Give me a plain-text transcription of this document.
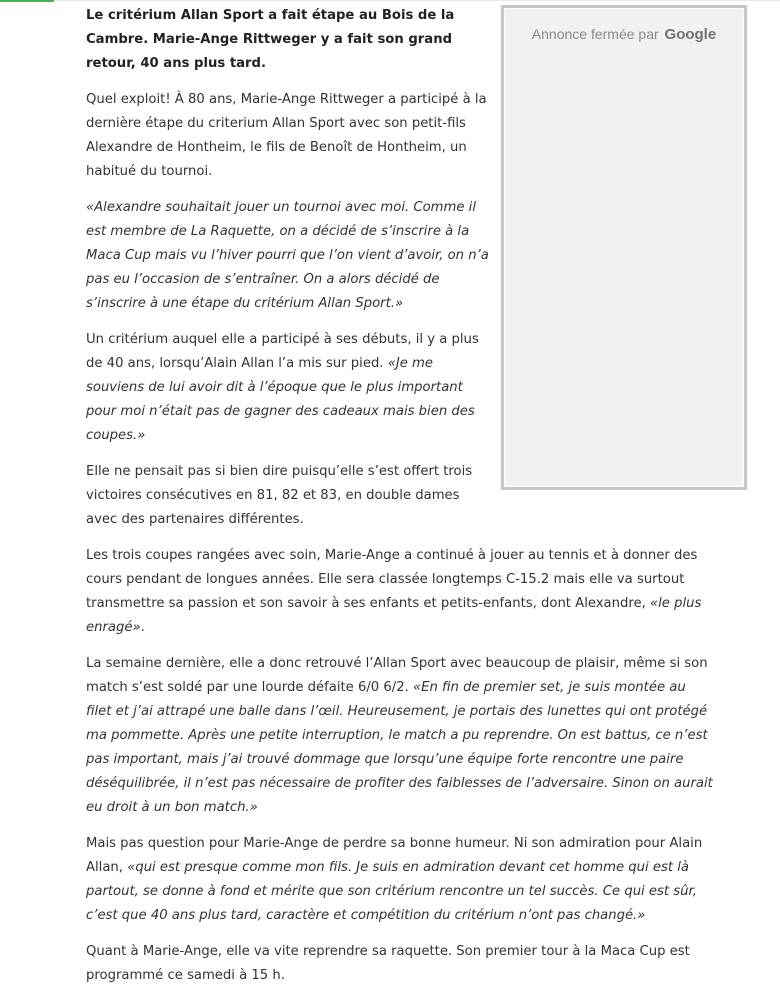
Annonce fermée par Google

Le critérium Allan Sport a fait étape au Bois de la Cambre. Marie-Ange Rittweger y a fait son grand retour, 40 ans plus tard.

Quel exploit! À 80 ans, Marie-Ange Rittweger a participé à la dernière étape du criterium Allan Sport avec son petit-fils Alexandre de Hontheim, le fils de Benoît de Hontheim, un habitué du tournoi.

«Alexandre souhaitait jouer un tournoi avec moi. Comme il est membre de La Raquette, on a décidé de s’inscrire à la Maca Cup mais vu l’hiver pourri que l’on vient d’avoir, on n’a pas eu l’occasion de s’entraîner. On a alors décidé de s’inscrire à une étape du critérium Allan Sport.»

Un critérium auquel elle a participé à ses débuts, il y a plus de 40 ans, lorsqu’Alain Allan l’a mis sur pied. «Je me souviens de lui avoir dit à l’époque que le plus important pour moi n’était pas de gagner des cadeaux mais bien des coupes.»

Elle ne pensait pas si bien dire puisqu’elle s’est offert trois victoires consécutives en 81, 82 et 83, en double dames avec des partenaires différentes.

Les trois coupes rangées avec soin, Marie-Ange a continué à jouer au tennis et à donner des cours pendant de longues années. Elle sera classée longtemps C-15.2 mais elle va surtout transmettre sa passion et son savoir à ses enfants et petits-enfants, dont Alexandre, «le plus enragé».

La semaine dernière, elle a donc retrouvé l’Allan Sport avec beaucoup de plaisir, même si son match s’est soldé par une lourde défaite 6/0 6/2. «En fin de premier set, je suis montée au filet et j’ai attrapé une balle dans l’œil. Heureusement, je portais des lunettes qui ont protégé ma pommette. Après une petite interruption, le match a pu reprendre. On est battus, ce n’est pas important, mais j’ai trouvé dommage que lorsqu’une équipe forte rencontre une paire déséquilibrée, il n’est pas nécessaire de profiter des faiblesses de l’adversaire. Sinon on aurait eu droit à un bon match.»

Mais pas question pour Marie-Ange de perdre sa bonne humeur. Ni son admiration pour Alain Allan, «qui est presque comme mon fils. Je suis en admiration devant cet homme qui est là partout, se donne à fond et mérite que son critérium rencontre un tel succès. Ce qui est sûr, c’est que 40 ans plus tard, caractère et compétition du critérium n’ont pas changé.»

Quant à Marie-Ange, elle va vite reprendre sa raquette. Son premier tour à la Maca Cup est programmé ce samedi à 15 h.
